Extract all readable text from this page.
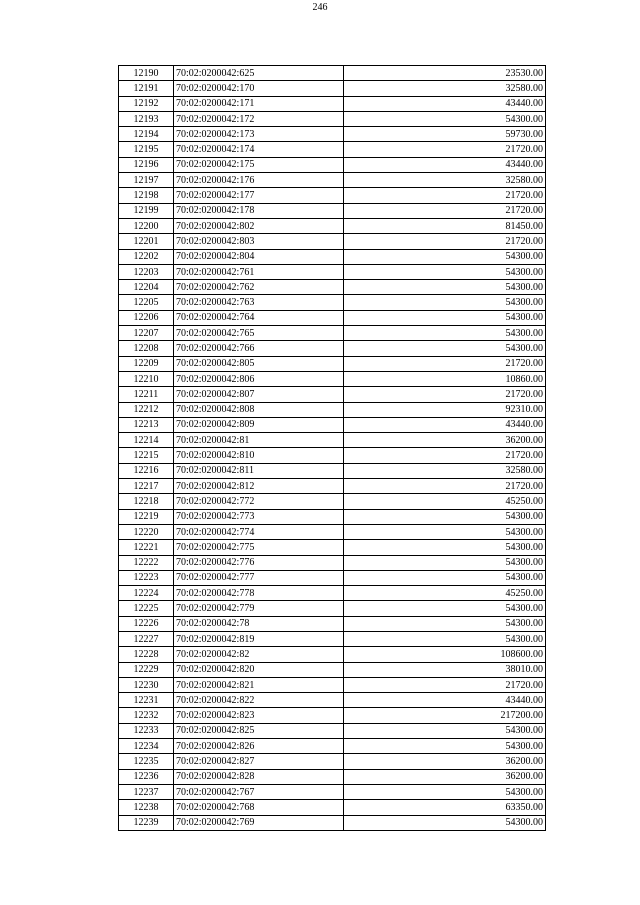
246
12190	70:02:0200042:625	23530.00
12191	70:02:0200042:170	32580.00
12192	70:02:0200042:171	43440.00
12193	70:02:0200042:172	54300.00
12194	70:02:0200042:173	59730.00
12195	70:02:0200042:174	21720.00
12196	70:02:0200042:175	43440.00
12197	70:02:0200042:176	32580.00
12198	70:02:0200042:177	21720.00
12199	70:02:0200042:178	21720.00
12200	70:02:0200042:802	81450.00
12201	70:02:0200042:803	21720.00
12202	70:02:0200042:804	54300.00
12203	70:02:0200042:761	54300.00
12204	70:02:0200042:762	54300.00
12205	70:02:0200042:763	54300.00
12206	70:02:0200042:764	54300.00
12207	70:02:0200042:765	54300.00
12208	70:02:0200042:766	54300.00
12209	70:02:0200042:805	21720.00
12210	70:02:0200042:806	10860.00
12211	70:02:0200042:807	21720.00
12212	70:02:0200042:808	92310.00
12213	70:02:0200042:809	43440.00
12214	70:02:0200042:81	36200.00
12215	70:02:0200042:810	21720.00
12216	70:02:0200042:811	32580.00
12217	70:02:0200042:812	21720.00
12218	70:02:0200042:772	45250.00
12219	70:02:0200042:773	54300.00
12220	70:02:0200042:774	54300.00
12221	70:02:0200042:775	54300.00
12222	70:02:0200042:776	54300.00
12223	70:02:0200042:777	54300.00
12224	70:02:0200042:778	45250.00
12225	70:02:0200042:779	54300.00
12226	70:02:0200042:78	54300.00
12227	70:02:0200042:819	54300.00
12228	70:02:0200042:82	108600.00
12229	70:02:0200042:820	38010.00
12230	70:02:0200042:821	21720.00
12231	70:02:0200042:822	43440.00
12232	70:02:0200042:823	217200.00
12233	70:02:0200042:825	54300.00
12234	70:02:0200042:826	54300.00
12235	70:02:0200042:827	36200.00
12236	70:02:0200042:828	36200.00
12237	70:02:0200042:767	54300.00
12238	70:02:0200042:768	63350.00
12239	70:02:0200042:769	54300.00
